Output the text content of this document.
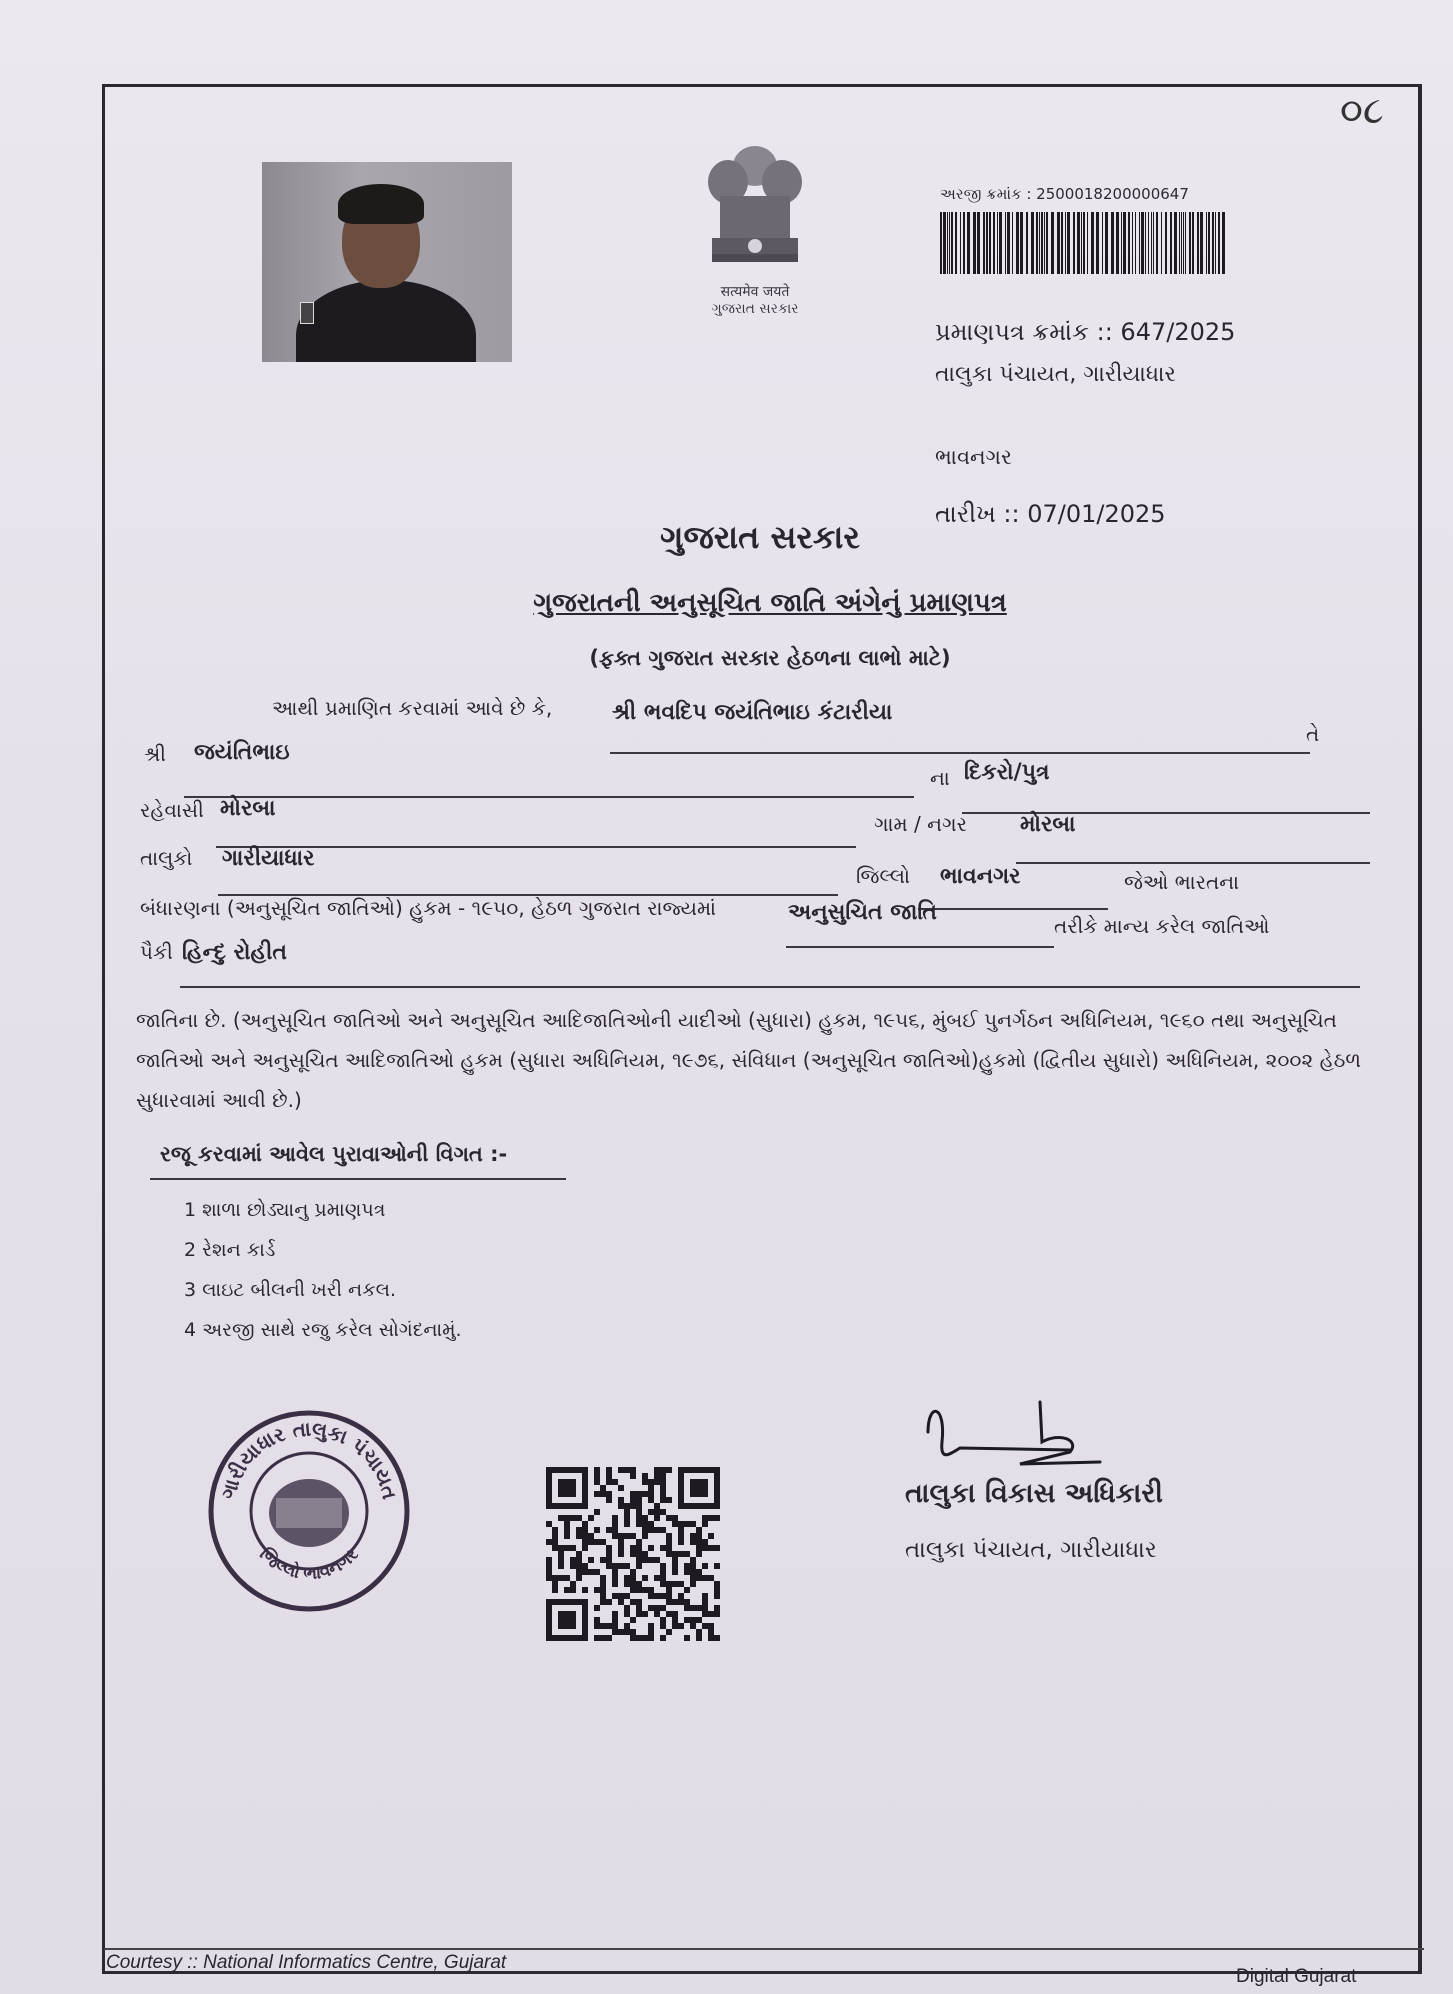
૦૮
सत्यमेव जयते
ગુજરાત સરકાર
અરજી ક્રમાંક : 2500018200000647
પ્રમાણપત્ર ક્રમાંક :: 647/2025
તાલુકા પંચાયત, ગારીયાધાર
ભાવનગર
તારીખ :: 07/01/2025
ગુજરાત સરકાર
ગુજરાતની અનુસૂચિત જાતિ અંગેનું પ્રમાણપત્ર
(ફક્ત ગુજરાત સરકાર હેઠળના લાભો માટે)
આથી પ્રમાણિત કરવામાં આવે છે કે,	શ્રી ભવદિપ જયંતિભાઇ કંટારીયા
તે
શ્રી જયંતિભાઇ
ના દિકરો/પુત્ર
રહેવાસી મોરબા
ગામ / નગર મોરબા
તાલુકો ગારીયાધાર
જિલ્લો ભાવનગર	જેઓ ભારતના
બંધારણના (અનુસૂચિત જાતિઓ) હુકમ - ૧૯૫૦, હેઠળ ગુજરાત રાજ્યમાં	અનુસુચિત જાતિ
તરીકે માન્ય કરેલ જાતિઓ
પૈકી હિન્દુ રોહીત
જાતિના છે. (અનુસૂચિત જાતિઓ અને અનુસૂચિત આદિજાતિઓની યાદીઓ (સુધારા) હુકમ, ૧૯૫૬, મુંબઈ પુનર્ગઠન અધિનિયમ, ૧૯૬૦ તથા અનુસૂચિત જાતિઓ અને અનુસૂચિત આદિજાતિઓ હુકમ (સુધારા અધિનિયમ, ૧૯૭૬, સંવિધાન (અનુસૂચિત જાતિઓ)હુકમો (દ્વિતીય સુધારો) અધિનિયમ, ૨૦૦૨ હેઠળ સુધારવામાં આવી છે.)
રજૂ કરવામાં આવેલ પુરાવાઓની વિગત :-
1 શાળા છોડ્યાનુ પ્રમાણપત્ર
2 રેશન કાર્ડ
3 લાઇટ બીલની ખરી નકલ.
4 અરજી સાથે રજુ કરેલ સોગંદનામું.
ગારીયાધાર તાલુકા પંચાયત
જિલ્લો ભાવનગર
તાલુકા વિકાસ અધિકારી
તાલુકા પંચાયત, ગારીયાધાર
Courtesy :: National Informatics Centre, Gujarat
Digital Gujarat
